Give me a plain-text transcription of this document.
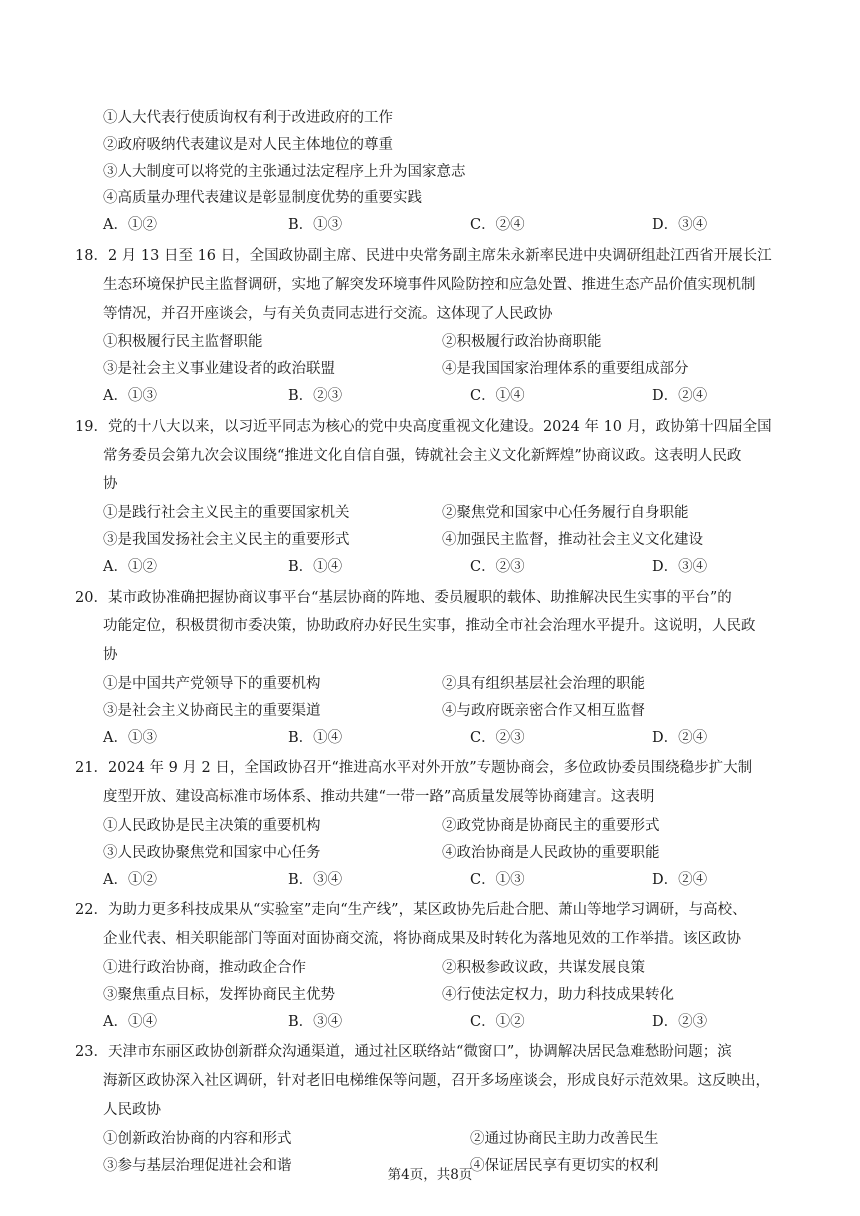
①人大代表行使质询权有利于改进政府的工作
②政府吸纳代表建议是对人民主体地位的尊重
③人大制度可以将党的主张通过法定程序上升为国家意志
④高质量办理代表建议是彰显制度优势的重要实践
A．①②	B．①③	C．②④	D．③④
18．2 月 13 日至 16 日，全国政协副主席、民进中央常务副主席朱永新率民进中央调研组赴江西省开展长江
生态环境保护民主监督调研，实地了解突发环境事件风险防控和应急处置、推进生态产品价值实现机制
等情况，并召开座谈会，与有关负责同志进行交流。这体现了人民政协
①积极履行民主监督职能	②积极履行政治协商职能
③是社会主义事业建设者的政治联盟	④是我国国家治理体系的重要组成部分
A．①③	B．②③	C．①④	D．②④
19．党的十八大以来，以习近平同志为核心的党中央高度重视文化建设。2024 年 10 月，政协第十四届全国
常务委员会第九次会议围绕“推进文化自信自强，铸就社会主义文化新辉煌”协商议政。这表明人民政
协
①是践行社会主义民主的重要国家机关	②聚焦党和国家中心任务履行自身职能
③是我国发扬社会主义民主的重要形式	④加强民主监督，推动社会主义文化建设
A．①②	B．①④	C．②③	D．③④
20．某市政协准确把握协商议事平台“基层协商的阵地、委员履职的载体、助推解决民生实事的平台”的
功能定位，积极贯彻市委决策，协助政府办好民生实事，推动全市社会治理水平提升。这说明，人民政
协
①是中国共产党领导下的重要机构	②具有组织基层社会治理的职能
③是社会主义协商民主的重要渠道	④与政府既亲密合作又相互监督
A．①③	B．①④	C．②③	D．②④
21．2024 年 9 月 2 日，全国政协召开“推进高水平对外开放”专题协商会，多位政协委员围绕稳步扩大制
度型开放、建设高标准市场体系、推动共建“一带一路”高质量发展等协商建言。这表明
①人民政协是民主决策的重要机构	②政党协商是协商民主的重要形式
③人民政协聚焦党和国家中心任务	④政治协商是人民政协的重要职能
A．①②	B．③④	C．①③	D．②④
22．为助力更多科技成果从“实验室”走向“生产线”，某区政协先后赴合肥、萧山等地学习调研，与高校、
企业代表、相关职能部门等面对面协商交流，将协商成果及时转化为落地见效的工作举措。该区政协
①进行政治协商，推动政企合作	②积极参政议政，共谋发展良策
③聚焦重点目标，发挥协商民主优势	④行使法定权力，助力科技成果转化
A．①④	B．③④	C．①②	D．②③
23．天津市东丽区政协创新群众沟通渠道，通过社区联络站“微窗口”，协调解决居民急难愁盼问题；滨
海新区政协深入社区调研，针对老旧电梯维保等问题，召开多场座谈会，形成良好示范效果。这反映出，
人民政协
①创新政治协商的内容和形式	②通过协商民主助力改善民生
③参与基层治理促进社会和谐	④保证居民享有更切实的权利
第4页，共8页
